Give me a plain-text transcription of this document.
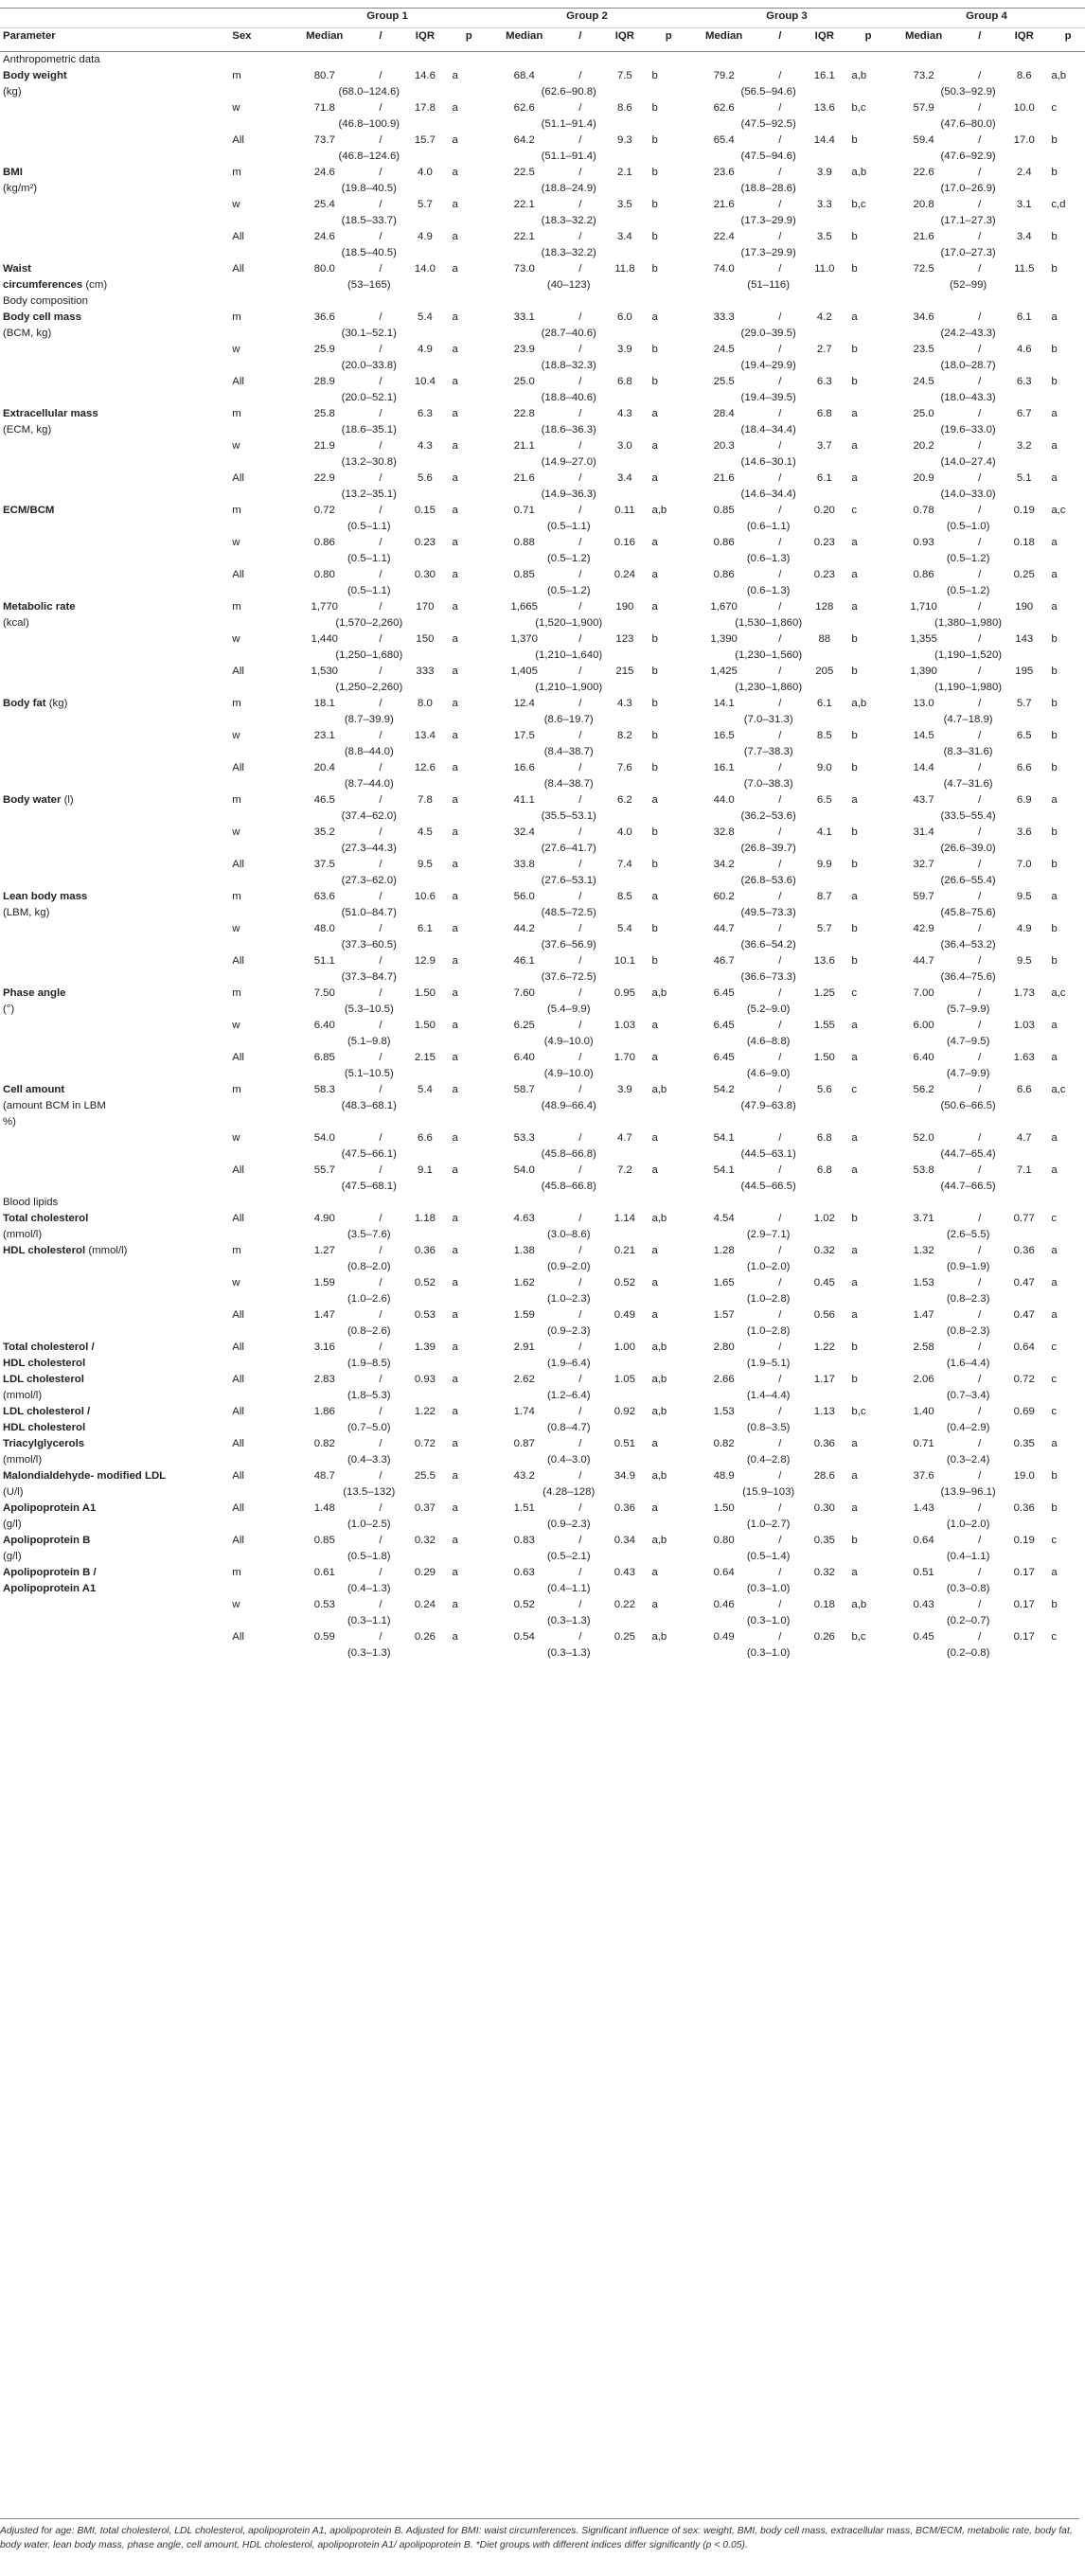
		Group 1				Group 2				Group 3				Group 4			
Parameter	Sex	Median	/	IQR	p	Median	/	IQR	p	Median	/	IQR	p	Median	/	IQR	p
Anthropometric data																	
Body weight	m	80.7	/	14.6	a	68.4	/	7.5	b	79.2	/	16.1	a,b	73.2	/	8.6	a,b
(kg)		(68.0–124.6)				(62.6–90.8)				(56.5–94.6)				(50.3–92.9)			
	w	71.8	/	17.8	a	62.6	/	8.6	b	62.6	/	13.6	b,c	57.9	/	10.0	c
		(46.8–100.9)				(51.1–91.4)				(47.5–92.5)				(47.6–80.0)			
	All	73.7	/	15.7	a	64.2	/	9.3	b	65.4	/	14.4	b	59.4	/	17.0	b
		(46.8–124.6)				(51.1–91.4)				(47.5–94.6)				(47.6–92.9)			
BMI	m	24.6	/	4.0	a	22.5	/	2.1	b	23.6	/	3.9	a,b	22.6	/	2.4	b
(kg/m²)		(19.8–40.5)				(18.8–24.9)				(18.8–28.6)				(17.0–26.9)			
	w	25.4	/	5.7	a	22.1	/	3.5	b	21.6	/	3.3	b,c	20.8	/	3.1	c,d
		(18.5–33.7)				(18.3–32.2)				(17.3–29.9)				(17.1–27.3)			
	All	24.6	/	4.9	a	22.1	/	3.4	b	22.4	/	3.5	b	21.6	/	3.4	b
		(18.5–40.5)				(18.3–32.2)				(17.3–29.9)				(17.0–27.3)			
Waist	All	80.0	/	14.0	a	73.0	/	11.8	b	74.0	/	11.0	b	72.5	/	11.5	b
circumferences (cm)		(53–165)				(40–123)				(51–116)				(52–99)			
Body composition																	
Body cell mass	m	36.6	/	5.4	a	33.1	/	6.0	a	33.3	/	4.2	a	34.6	/	6.1	a
(BCM, kg)		(30.1–52.1)				(28.7–40.6)				(29.0–39.5)				(24.2–43.3)			
	w	25.9	/	4.9	a	23.9	/	3.9	b	24.5	/	2.7	b	23.5	/	4.6	b
		(20.0–33.8)				(18.8–32.3)				(19.4–29.9)				(18.0–28.7)			
	All	28.9	/	10.4	a	25.0	/	6.8	b	25.5	/	6.3	b	24.5	/	6.3	b
		(20.0–52.1)				(18.8–40.6)				(19.4–39.5)				(18.0–43.3)			
Extracellular mass	m	25.8	/	6.3	a	22.8	/	4.3	a	28.4	/	6.8	a	25.0	/	6.7	a
(ECM, kg)		(18.6–35.1)				(18.6–36.3)				(18.4–34.4)				(19.6–33.0)			
	w	21.9	/	4.3	a	21.1	/	3.0	a	20.3	/	3.7	a	20.2	/	3.2	a
		(13.2–30.8)				(14.9–27.0)				(14.6–30.1)				(14.0–27.4)			
	All	22.9	/	5.6	a	21.6	/	3.4	a	21.6	/	6.1	a	20.9	/	5.1	a
		(13.2–35.1)				(14.9–36.3)				(14.6–34.4)				(14.0–33.0)			
ECM/BCM	m	0.72	/	0.15	a	0.71	/	0.11	a,b	0.85	/	0.20	c	0.78	/	0.19	a,c
		(0.5–1.1)				(0.5–1.1)				(0.6–1.1)				(0.5–1.0)			
	w	0.86	/	0.23	a	0.88	/	0.16	a	0.86	/	0.23	a	0.93	/	0.18	a
		(0.5–1.1)				(0.5–1.2)				(0.6–1.3)				(0.5–1.2)			
	All	0.80	/	0.30	a	0.85	/	0.24	a	0.86	/	0.23	a	0.86	/	0.25	a
		(0.5–1.1)				(0.5–1.2)				(0.6–1.3)				(0.5–1.2)			
Metabolic rate	m	1,770	/	170	a	1,665	/	190	a	1,670	/	128	a	1,710	/	190	a
(kcal)		(1,570–2,260)				(1,520–1,900)				(1,530–1,860)				(1,380–1,980)			
	w	1,440	/	150	a	1,370	/	123	b	1,390	/	88	b	1,355	/	143	b
		(1,250–1,680)				(1,210–1,640)				(1,230–1,560)				(1,190–1,520)			
	All	1,530	/	333	a	1,405	/	215	b	1,425	/	205	b	1,390	/	195	b
		(1,250–2,260)				(1,210–1,900)				(1,230–1,860)				(1,190–1,980)			
Body fat (kg)	m	18.1	/	8.0	a	12.4	/	4.3	b	14.1	/	6.1	a,b	13.0	/	5.7	b
		(8.7–39.9)				(8.6–19.7)				(7.0–31.3)				(4.7–18.9)			
	w	23.1	/	13.4	a	17.5	/	8.2	b	16.5	/	8.5	b	14.5	/	6.5	b
		(8.8–44.0)				(8.4–38.7)				(7.7–38.3)				(8.3–31.6)			
	All	20.4	/	12.6	a	16.6	/	7.6	b	16.1	/	9.0	b	14.4	/	6.6	b
		(8.7–44.0)				(8.4–38.7)				(7.0–38.3)				(4.7–31.6)			
Body water (l)	m	46.5	/	7.8	a	41.1	/	6.2	a	44.0	/	6.5	a	43.7	/	6.9	a
		(37.4–62.0)				(35.5–53.1)				(36.2–53.6)				(33.5–55.4)			
	w	35.2	/	4.5	a	32.4	/	4.0	b	32.8	/	4.1	b	31.4	/	3.6	b
		(27.3–44.3)				(27.6–41.7)				(26.8–39.7)				(26.6–39.0)			
	All	37.5	/	9.5	a	33.8	/	7.4	b	34.2	/	9.9	b	32.7	/	7.0	b
		(27.3–62.0)				(27.6–53.1)				(26.8–53.6)				(26.6–55.4)			
Lean body mass	m	63.6	/	10.6	a	56.0	/	8.5	a	60.2	/	8.7	a	59.7	/	9.5	a
(LBM, kg)		(51.0–84.7)				(48.5–72.5)				(49.5–73.3)				(45.8–75.6)			
	w	48.0	/	6.1	a	44.2	/	5.4	b	44.7	/	5.7	b	42.9	/	4.9	b
		(37.3–60.5)				(37.6–56.9)				(36.6–54.2)				(36.4–53.2)			
	All	51.1	/	12.9	a	46.1	/	10.1	b	46.7	/	13.6	b	44.7	/	9.5	b
		(37.3–84.7)				(37.6–72.5)				(36.6–73.3)				(36.4–75.6)			
Phase angle	m	7.50	/	1.50	a	7.60	/	0.95	a,b	6.45	/	1.25	c	7.00	/	1.73	a,c
(°)		(5.3–10.5)				(5.4–9.9)				(5.2–9.0)				(5.7–9.9)			
	w	6.40	/	1.50	a	6.25	/	1.03	a	6.45	/	1.55	a	6.00	/	1.03	a
		(5.1–9.8)				(4.9–10.0)				(4.6–8.8)				(4.7–9.5)			
	All	6.85	/	2.15	a	6.40	/	1.70	a	6.45	/	1.50	a	6.40	/	1.63	a
		(5.1–10.5)				(4.9–10.0)				(4.6–9.0)				(4.7–9.9)			
Cell amount	m	58.3	/	5.4	a	58.7	/	3.9	a,b	54.2	/	5.6	c	56.2	/	6.6	a,c
(amount BCM in LBM		(48.3–68.1)				(48.9–66.4)				(47.9–63.8)				(50.6–66.5)			
%)																	
	w	54.0	/	6.6	a	53.3	/	4.7	a	54.1	/	6.8	a	52.0	/	4.7	a
		(47.5–66.1)				(45.8–66.8)				(44.5–63.1)				(44.7–65.4)			
	All	55.7	/	9.1	a	54.0	/	7.2	a	54.1	/	6.8	a	53.8	/	7.1	a
		(47.5–68.1)				(45.8–66.8)				(44.5–66.5)				(44.7–66.5)			
Blood lipids																	
Total cholesterol	All	4.90	/	1.18	a	4.63	/	1.14	a,b	4.54	/	1.02	b	3.71	/	0.77	c
(mmol/l)		(3.5–7.6)				(3.0–8.6)				(2.9–7.1)				(2.6–5.5)			
HDL cholesterol (mmol/l)	m	1.27	/	0.36	a	1.38	/	0.21	a	1.28	/	0.32	a	1.32	/	0.36	a
		(0.8–2.0)				(0.9–2.0)				(1.0–2.0)				(0.9–1.9)			
	w	1.59	/	0.52	a	1.62	/	0.52	a	1.65	/	0.45	a	1.53	/	0.47	a
		(1.0–2.6)				(1.0–2.3)				(1.0–2.8)				(0.8–2.3)			
	All	1.47	/	0.53	a	1.59	/	0.49	a	1.57	/	0.56	a	1.47	/	0.47	a
		(0.8–2.6)				(0.9–2.3)				(1.0–2.8)				(0.8–2.3)			
Total cholesterol /	All	3.16	/	1.39	a	2.91	/	1.00	a,b	2.80	/	1.22	b	2.58	/	0.64	c
HDL cholesterol		(1.9–8.5)				(1.9–6.4)				(1.9–5.1)				(1.6–4.4)			
LDL cholesterol	All	2.83	/	0.93	a	2.62	/	1.05	a,b	2.66	/	1.17	b	2.06	/	0.72	c
(mmol/l)		(1.8–5.3)				(1.2–6.4)				(1.4–4.4)				(0.7–3.4)			
LDL cholesterol /	All	1.86	/	1.22	a	1.74	/	0.92	a,b	1.53	/	1.13	b,c	1.40	/	0.69	c
HDL cholesterol		(0.7–5.0)				(0.8–4.7)				(0.8–3.5)				(0.4–2.9)			
Triacylglycerols	All	0.82	/	0.72	a	0.87	/	0.51	a	0.82	/	0.36	a	0.71	/	0.35	a
(mmol/l)		(0.4–3.3)				(0.4–3.0)				(0.4–2.8)				(0.3–2.4)			
Malondialdehyde- modified LDL	All	48.7	/	25.5	a	43.2	/	34.9	a,b	48.9	/	28.6	a	37.6	/	19.0	b
(U/l)		(13.5–132)				(4.28–128)				(15.9–103)				(13.9–96.1)			
Apolipoprotein A1	All	1.48	/	0.37	a	1.51	/	0.36	a	1.50	/	0.30	a	1.43	/	0.36	b
(g/l)		(1.0–2.5)				(0.9–2.3)				(1.0–2.7)				(1.0–2.0)			
Apolipoprotein B	All	0.85	/	0.32	a	0.83	/	0.34	a,b	0.80	/	0.35	b	0.64	/	0.19	c
(g/l)		(0.5–1.8)				(0.5–2.1)				(0.5–1.4)				(0.4–1.1)			
Apolipoprotein B /	m	0.61	/	0.29	a	0.63	/	0.43	a	0.64	/	0.32	a	0.51	/	0.17	a
Apolipoprotein A1		(0.4–1.3)				(0.4–1.1)				(0.3–1.0)				(0.3–0.8)			
	w	0.53	/	0.24	a	0.52	/	0.22	a	0.46	/	0.18	a,b	0.43	/	0.17	b
		(0.3–1.1)				(0.3–1.3)				(0.3–1.0)				(0.2–0.7)			
	All	0.59	/	0.26	a	0.54	/	0.25	a,b	0.49	/	0.26	b,c	0.45	/	0.17	c
		(0.3–1.3)				(0.3–1.3)				(0.3–1.0)				(0.2–0.8)			
Adjusted for age: BMI, total cholesterol, LDL cholesterol, apolipoprotein A1, apolipoprotein B. Adjusted for BMI: waist circumferences. Significant influence of sex: weight, BMI, body cell mass, extracellular mass, BCM/ECM, metabolic rate, body fat, body water, lean body mass, phase angle, cell amount, HDL cholesterol, apolipoprotein A1/ apolipoprotein B. *Diet groups with different indices differ significantly (p < 0.05).
